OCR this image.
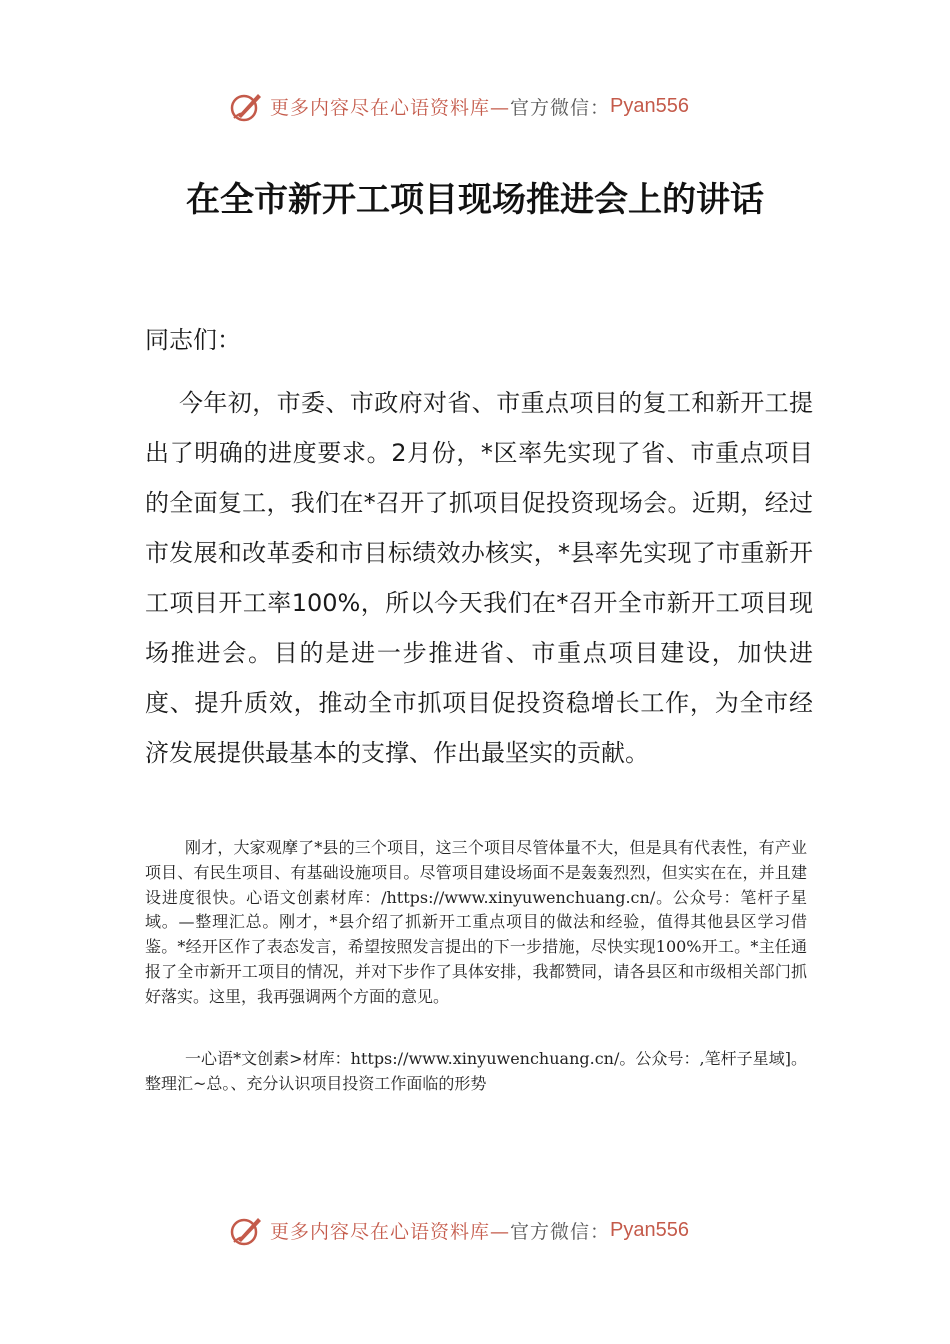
更多内容尽在心语资料库— 官方微信： Pyan556
在全市新开工项目现场推进会上的讲话

同志们：

今年初，市委、市政府对省、市重点项目的复工和新开工提出了明确的进度要求。2月份，*区率先实现了省、市重点项目的全面复工，我们在*召开了抓项目促投资现场会。近期，经过市发展和改革委和市目标绩效办核实，*县率先实现了市重新开工项目开工率100%，所以今天我们在*召开全市新开工项目现场推进会。目的是进一步推进省、市重点项目建设，加快进度、提升质效，推动全市抓项目促投资稳增长工作，为全市经济发展提供最基本的支撑、作出最坚实的贡献。

刚才，大家观摩了*县的三个项目，这三个项目尽管体量不大，但是具有代表性，有产业项目、有民生项目、有基础设施项目。尽管项目建设场面不是轰轰烈烈，但实实在在，并且建设进度很快。心语文创素材库：/https://www.xinyuwenchuang.cn/。公众号：笔杆子星域。—整理汇总。刚才，*县介绍了抓新开工重点项目的做法和经验，值得其他县区学习借鉴。*经开区作了表态发言，希望按照发言提出的下一步措施，尽快实现100%开工。*主任通报了全市新开工项目的情况，并对下步作了具体安排，我都赞同，请各县区和市级相关部门抓好落实。这里，我再强调两个方面的意见。

一心语*文创素>材库：https://www.xinyuwenchuang.cn/。公众号：,笔杆子星域]。整理汇~总。、充分认识项目投资工作面临的形势

更多内容尽在心语资料库— 官方微信： Pyan556
